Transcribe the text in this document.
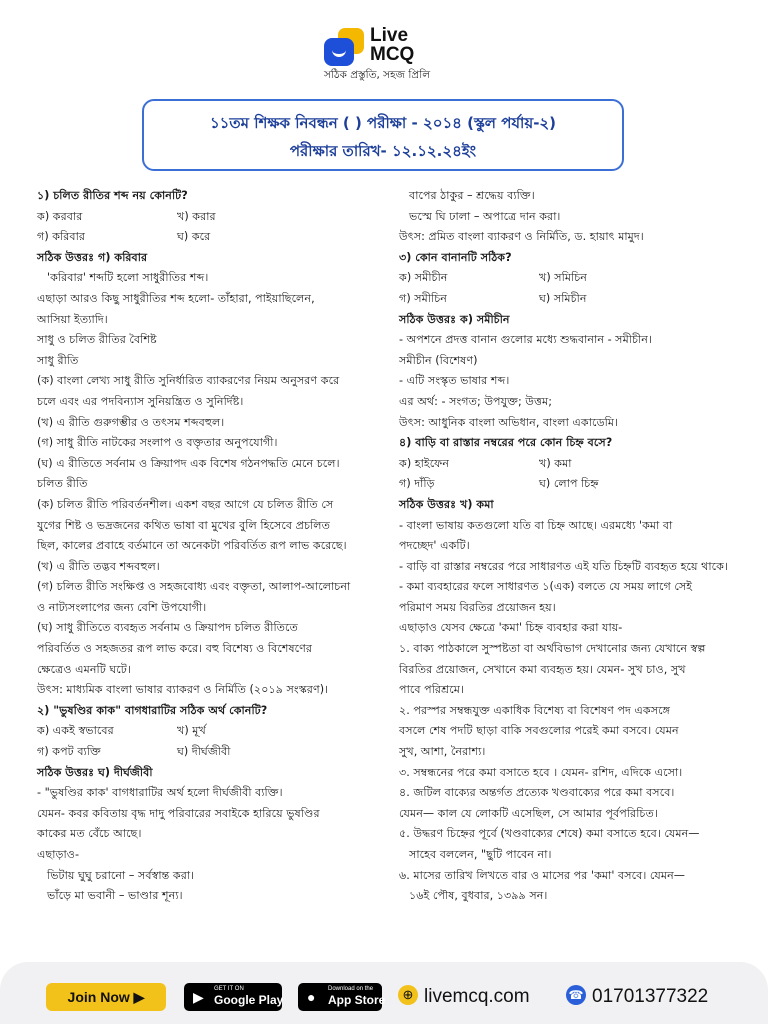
Live
MCQ
সঠিক প্রস্তুতি, সহজ প্রিলি
১১তম শিক্ষক নিবন্ধন ( ) পরীক্ষা - ২০১৪ (স্কুল পর্যায়-২)
পরীক্ষার তারিখ- ১২.১২.২৪ইং
১) চলিত রীতির শব্দ নয় কোনটি?
ক) করবার	খ) করার
গ) করিবার	ঘ) করে
সঠিক উত্তরঃ গ) করিবার
'করিবার' শব্দটি হলো সাধুরীতির শব্দ।
এছাড়া আরও কিছু সাধুরীতির শব্দ হলো- তাঁহারা, পাইয়াছিলেন,
আসিয়া ইত্যাদি।
সাধু ও চলিত রীতির বৈশিষ্ট
সাধু রীতি
(ক) বাংলা লেখ্য সাধু রীতি সুনির্ধারিত ব্যাকরণের নিয়ম অনুসরণ করে
চলে এবং এর পদবিন্যাস সুনিয়ন্ত্রিত ও সুনির্দিষ্ট।
(খ) এ রীতি গুরুগম্ভীর ও তৎসম শব্দবহুল।
(গ) সাধু রীতি নাটকের সংলাপ ও বক্তৃতার অনুপযোগী।
(ঘ) এ রীতিতে সর্বনাম ও ক্রিয়াপদ এক বিশেষ গঠনপদ্ধতি মেনে চলে।
চলিত রীতি
(ক) চলিত রীতি পরিবর্তনশীল। একশ বছর আগে যে চলিত রীতি সে
যুগের শিষ্ট ও ভদ্রজনের কথিত ভাষা বা মুখের বুলি হিসেবে প্রচলিত
ছিল, কালের প্রবাহে বর্তমানে তা অনেকটা পরিবর্তিত রূপ লাভ করেছে।
(খ) এ রীতি তদ্ভব শব্দবহুল।
(গ) চলিত রীতি সংক্ষিপ্ত ও সহজবোধ্য এবং বক্তৃতা, আলাপ-আলোচনা
ও নাট্যসংলাপের জন্য বেশি উপযোগী।
(ঘ) সাধু রীতিতে ব্যবহৃত সর্বনাম ও ক্রিয়াপদ চলিত রীতিতে
পরিবর্তিত ও সহজতর রূপ লাভ করে। বহু বিশেষ্য ও বিশেষণের
ক্ষেত্রেও এমনটি ঘটে।
উৎস: মাধ্যমিক বাংলা ভাষার ব্যাকরণ ও নির্মিতি (২০১৯ সংস্করণ)।
২) "ভুষণ্ডির কাক" বাগধারাটির সঠিক অর্থ কোনটি?
ক) একই স্বভাবের	খ) মূর্খ
গ) কপট ব্যক্তি	ঘ) দীর্ঘজীবী
সঠিক উত্তরঃ ঘ) দীর্ঘজীবী
- "ভুষণ্ডির কাক' বাগধারাটির অর্থ হলো দীর্ঘজীবী ব্যক্তি।
যেমন- কবর কবিতায় বৃদ্ধ দাদু পরিবারের সবাইকে হারিয়ে ভুষণ্ডির
কাকের মত বেঁচে আছে।
এছাড়াও-
ভিটায় ঘুঘু চরানো – সর্বস্বান্ত করা।
ভাঁড়ে মা ভবানী – ভাণ্ডার শূন্য।
বাপের ঠাকুর – শ্রদ্ধেয় ব্যক্তি।
ভস্মে ঘি ঢালা – অপাত্রে দান করা।
উৎস: প্রমিত বাংলা ব্যাকরণ ও নির্মিতি, ড. হায়াৎ মামুদ।
৩) কোন বানানটি সঠিক?
ক) সমীচীন	খ) সমিচিন
গ) সমীচিন	ঘ) সমিচীন
সঠিক উত্তরঃ ক) সমীচীন
- অপশনে প্রদত্ত বানান গুলোর মধ্যে শুদ্ধবানান - সমীচীন।
সমীচীন (বিশেষণ)
- এটি সংস্কৃত ভাষার শব্দ।
এর অর্থ: - সংগত; উপযুক্ত; উত্তম;
উৎস: আধুনিক বাংলা অভিধান, বাংলা একাডেমি।
৪) বাড়ি বা রাস্তার নম্বরের পরে কোন চিহ্ন বসে?
ক) হাইফেন	খ) কমা
গ) দাঁড়ি	ঘ) লোপ চিহ্ন
সঠিক উত্তরঃ খ) কমা
- বাংলা ভাষায় কতগুলো যতি বা চিহ্ন আছে। এরমধ্যে 'কমা বা
পদচ্ছেদ' একটি।
- বাড়ি বা রাস্তার নম্বরের পরে সাধারণত এই যতি চিহ্নটি ব্যবহৃত হয়ে থাকে।
- কমা ব্যবহারের ফলে সাধারণত ১(এক) বলতে যে সময় লাগে সেই
পরিমাণ সময় বিরতির প্রয়োজন হয়।
এছাড়াও যেসব ক্ষেত্রে 'কমা' চিহ্ন ব্যবহার করা যায়-
১. বাক্য পাঠকালে সুস্পষ্টতা বা অর্থবিভাগ দেখানোর জন্য যেখানে স্বল্প
বিরতির প্রয়োজন, সেখানে কমা ব্যবহৃত হয়। যেমন- সুখ চাও, সুখ
পাবে পরিশ্রমে।
২. পরস্পর সম্বন্ধযুক্ত একাধিক বিশেষ্য বা বিশেষণ পদ একসঙ্গে
বসলে শেষ পদটি ছাড়া বাকি সবগুলোর পরেই কমা বসবে। যেমন
সুখ, আশা, নৈরাশ্য।
৩. সম্বন্ধনের পরে কমা বসাতে হবে । যেমন- রশিদ, এদিকে এসো।
৪. জটিল বাক্যের অন্তর্গত প্রত্যেক খণ্ডবাক্যের পরে কমা বসবে।
যেমন— কাল যে লোকটি এসেছিল, সে আমার পূর্বপরিচিত।
৫. উদ্ধরণ চিহ্নের পূর্বে (খণ্ডবাক্যের শেষে) কমা বসাতে হবে। যেমন—
সাহেব বললেন, "ছুটি পাবেন না।
৬. মাসের তারিখ লিখতে বার ও মাসের পর 'কমা' বসবে। যেমন—
১৬ই পৌষ, বুধবার, ১৩৯৯ সন।
Join Now ▶	▶ GET IT ON
Google Play ● Download on the
App Store	⊕ livemcq.com	☎ 01701377322
